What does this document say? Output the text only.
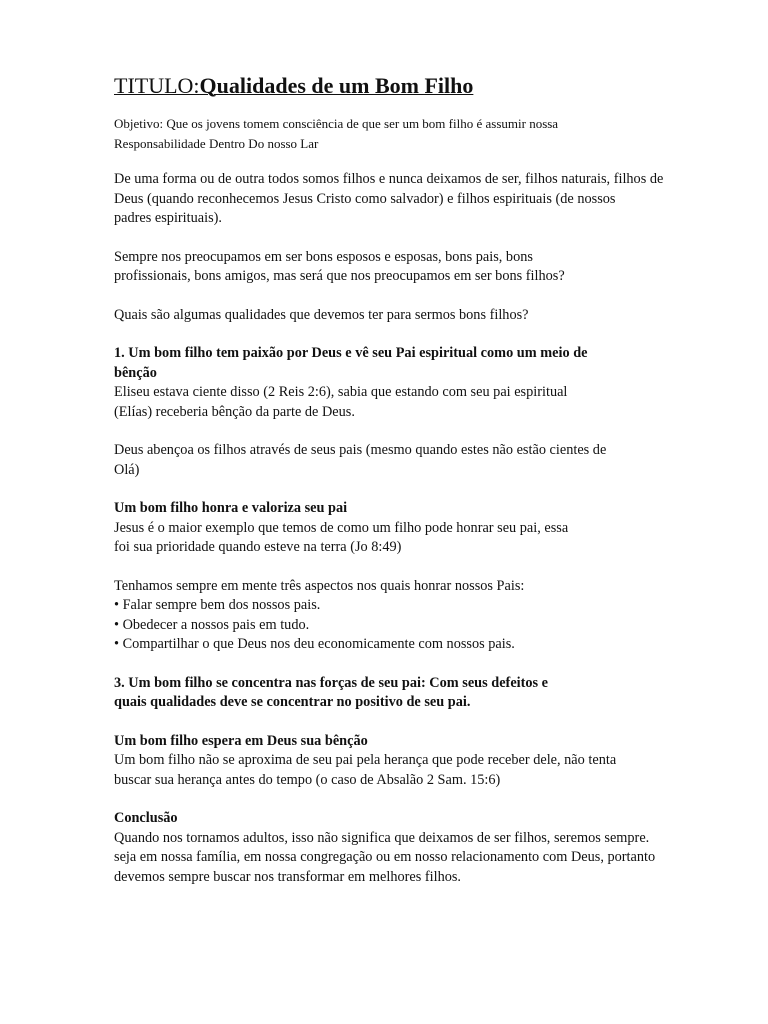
TITULO:Qualidades de um Bom Filho
Objetivo: Que os jovens tomem consciência de que ser um bom filho é assumir nossa
Responsabilidade Dentro Do nosso Lar
De uma forma ou de outra todos somos filhos e nunca deixamos de ser, filhos naturais, filhos de
Deus (quando reconhecemos Jesus Cristo como salvador) e filhos espirituais (de nossos
padres espirituais).
Sempre nos preocupamos em ser bons esposos e esposas, bons pais, bons
profissionais, bons amigos, mas será que nos preocupamos em ser bons filhos?
Quais são algumas qualidades que devemos ter para sermos bons filhos?
1. Um bom filho tem paixão por Deus e vê seu Pai espiritual como um meio de
bênção
Eliseu estava ciente disso (2 Reis 2:6), sabia que estando com seu pai espiritual
(Elías) receberia bênção da parte de Deus.
Deus abençoa os filhos através de seus pais (mesmo quando estes não estão cientes de
Olá)
Um bom filho honra e valoriza seu pai
Jesus é o maior exemplo que temos de como um filho pode honrar seu pai, essa
foi sua prioridade quando esteve na terra (Jo 8:49)
Tenhamos sempre em mente três aspectos nos quais honrar nossos Pais:
• Falar sempre bem dos nossos pais.
• Obedecer a nossos pais em tudo.
• Compartilhar o que Deus nos deu economicamente com nossos pais.
3. Um bom filho se concentra nas forças de seu pai: Com seus defeitos e
quais qualidades deve se concentrar no positivo de seu pai.
Um bom filho espera em Deus sua bênção
Um bom filho não se aproxima de seu pai pela herança que pode receber dele, não tenta
buscar sua herança antes do tempo (o caso de Absalão 2 Sam. 15:6)
Conclusão
Quando nos tornamos adultos, isso não significa que deixamos de ser filhos, seremos sempre.
seja em nossa família, em nossa congregação ou em nosso relacionamento com Deus, portanto
devemos sempre buscar nos transformar em melhores filhos.
